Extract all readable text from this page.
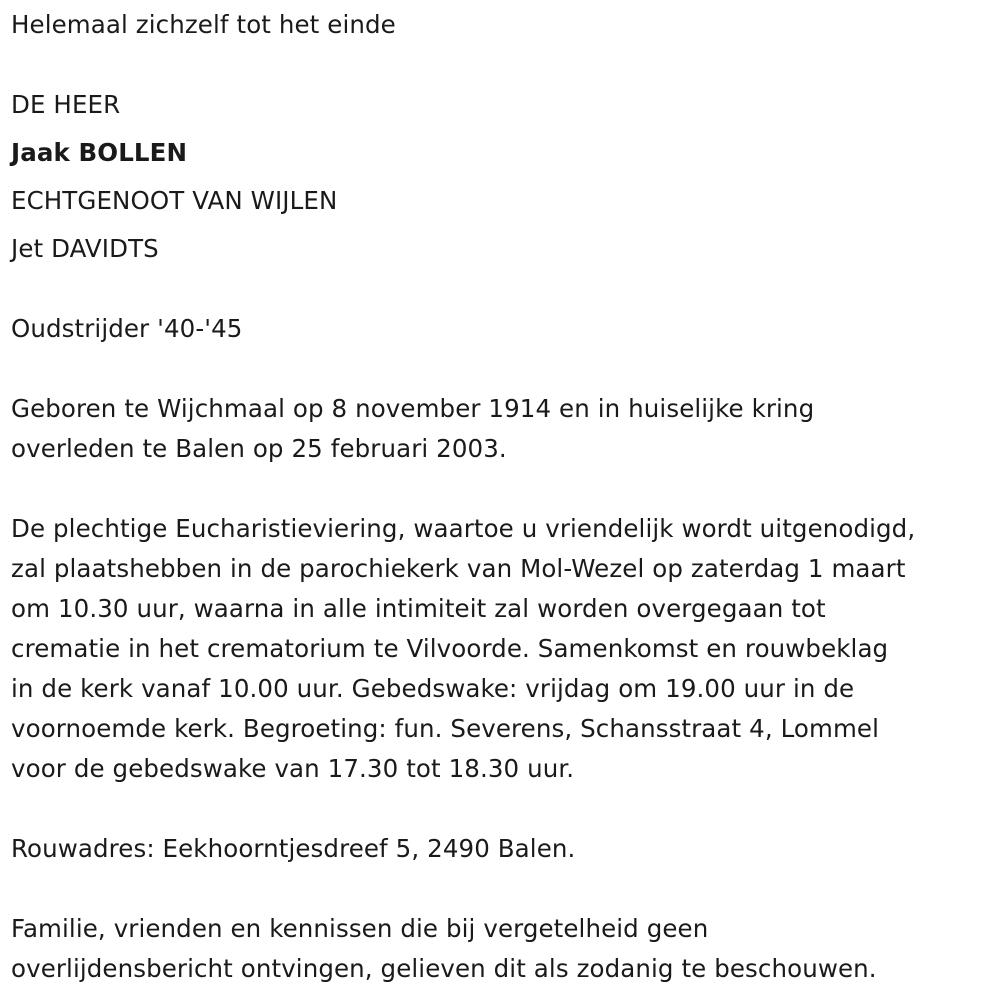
Helemaal zichzelf tot het einde
DE HEER
Jaak BOLLEN
ECHTGENOOT VAN WIJLEN
Jet DAVIDTS
Oudstrijder '40-'45
Geboren te Wijchmaal op 8 november 1914 en in huiselijke kring
overleden te Balen op 25 februari 2003.
De plechtige Eucharistieviering, waartoe u vriendelijk wordt uitgenodigd,
zal plaatshebben in de parochiekerk van Mol-Wezel op zaterdag 1 maart
om 10.30 uur, waarna in alle intimiteit zal worden overgegaan tot
crematie in het crematorium te Vilvoorde. Samenkomst en rouwbeklag
in de kerk vanaf 10.00 uur. Gebedswake: vrijdag om 19.00 uur in de
voornoemde kerk. Begroeting: fun. Severens, Schansstraat 4, Lommel
voor de gebedswake van 17.30 tot 18.30 uur.
Rouwadres: Eekhoorntjesdreef 5, 2490 Balen.
Familie, vrienden en kennissen die bij vergetelheid geen
overlijdensbericht ontvingen, gelieven dit als zodanig te beschouwen.
